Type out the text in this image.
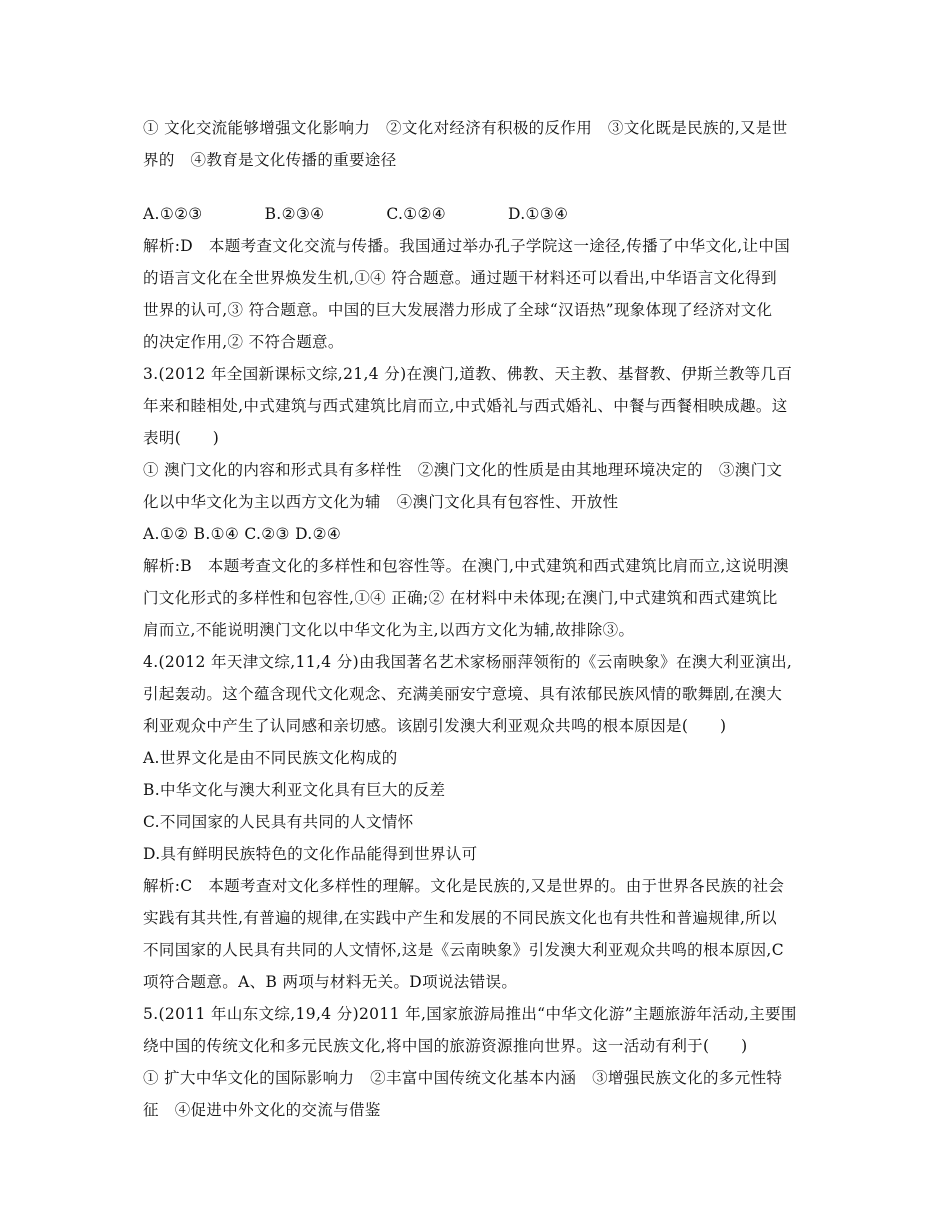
① 文化交流能够增强文化影响力　②文化对经济有积极的反作用　③文化既是民族的,又是世
界的　④教育是文化传播的重要途径
A.①②③	B.②③④	C.①②④	D.①③④
解析:D　本题考查文化交流与传播。我国通过举办孔子学院这一途径,传播了中华文化,让中国
的语言文化在全世界焕发生机,①④ 符合题意。通过题干材料还可以看出,中华语言文化得到
世界的认可,③ 符合题意。中国的巨大发展潜力形成了全球“汉语热”现象体现了经济对文化
的决定作用,② 不符合题意。
3.(2012 年全国新课标文综,21,4 分)在澳门,道教、佛教、天主教、基督教、伊斯兰教等几百
年来和睦相处,中式建筑与西式建筑比肩而立,中式婚礼与西式婚礼、中餐与西餐相映成趣。这
表明(　　)
① 澳门文化的内容和形式具有多样性　②澳门文化的性质是由其地理环境决定的　③澳门文
化以中华文化为主以西方文化为辅　④澳门文化具有包容性、开放性
A.①② B.①④ C.②③ D.②④
解析:B　本题考查文化的多样性和包容性等。在澳门,中式建筑和西式建筑比肩而立,这说明澳
门文化形式的多样性和包容性,①④ 正确;② 在材料中未体现;在澳门,中式建筑和西式建筑比
肩而立,不能说明澳门文化以中华文化为主,以西方文化为辅,故排除③。
4.(2012 年天津文综,11,4 分)由我国著名艺术家杨丽萍领衔的《云南映象》在澳大利亚演出,
引起轰动。这个蕴含现代文化观念、充满美丽安宁意境、具有浓郁民族风情的歌舞剧,在澳大
利亚观众中产生了认同感和亲切感。该剧引发澳大利亚观众共鸣的根本原因是(　　)
A.世界文化是由不同民族文化构成的
B.中华文化与澳大利亚文化具有巨大的反差
C.不同国家的人民具有共同的人文情怀
D.具有鲜明民族特色的文化作品能得到世界认可
解析:C　本题考查对文化多样性的理解。文化是民族的,又是世界的。由于世界各民族的社会
实践有其共性,有普遍的规律,在实践中产生和发展的不同民族文化也有共性和普遍规律,所以
不同国家的人民具有共同的人文情怀,这是《云南映象》引发澳大利亚观众共鸣的根本原因,C
项符合题意。A、B 两项与材料无关。D项说法错误。
5.(2011 年山东文综,19,4 分)2011 年,国家旅游局推出“中华文化游”主题旅游年活动,主要围
绕中国的传统文化和多元民族文化,将中国的旅游资源推向世界。这一活动有利于(　　)
① 扩大中华文化的国际影响力　②丰富中国传统文化基本内涵　③增强民族文化的多元性特
征　④促进中外文化的交流与借鉴
